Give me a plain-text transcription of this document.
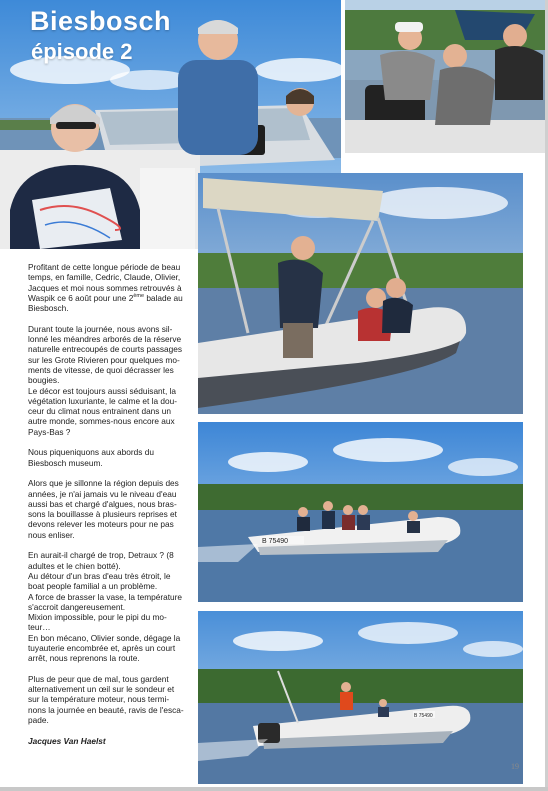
Biesbosch
épisode 2
B 75490
B 75490

Profitant de cette longue période de beau
temps, en famille, Cedric, Claude, Olivier,
Jacques et moi nous sommes retrouvés à
Waspik ce 6 août pour une 2ème balade au
Biesbosch.

Durant toute la journée, nous avons sil-
lonné les méandres arborés de la réserve
naturelle entrecoupés de courts passages
sur les Grote Rivieren pour quelques mo-
ments de vitesse, de quoi décrasser les
bougies.
Le décor est toujours aussi séduisant, la
végétation luxuriante, le calme et la dou-
ceur du climat nous entrainent dans un
autre monde, sommes-nous encore aux
Pays-Bas ?

Nous piqueniquons aux abords du
Biesbosch museum.

Alors que je sillonne la région depuis des
années, je n'ai jamais vu le niveau d'eau
aussi bas et chargé d'algues, nous bras-
sons la bouillasse à plusieurs reprises et
devons relever les moteurs pour ne pas
nous enliser.

En aurait-il chargé de trop, Detraux ? (8
adultes et le chien botté).
Au détour d'un bras d'eau très étroit, le
boat people familial a un problème.
A force de brasser la vase, la température
s'accroit dangereusement.
Mixion impossible, pour le pipi du mo-
teur…
En bon mécano, Olivier sonde, dégage la
tuyauterie encombrée et, après un court
arrêt, nous reprenons la route.

Plus de peur que de mal, tous gardent
alternativement un œil sur le sondeur et
sur la température moteur, nous termi-
nons la journée en beauté, ravis de l'esca-
pade.

Jacques Van Haelst

19
